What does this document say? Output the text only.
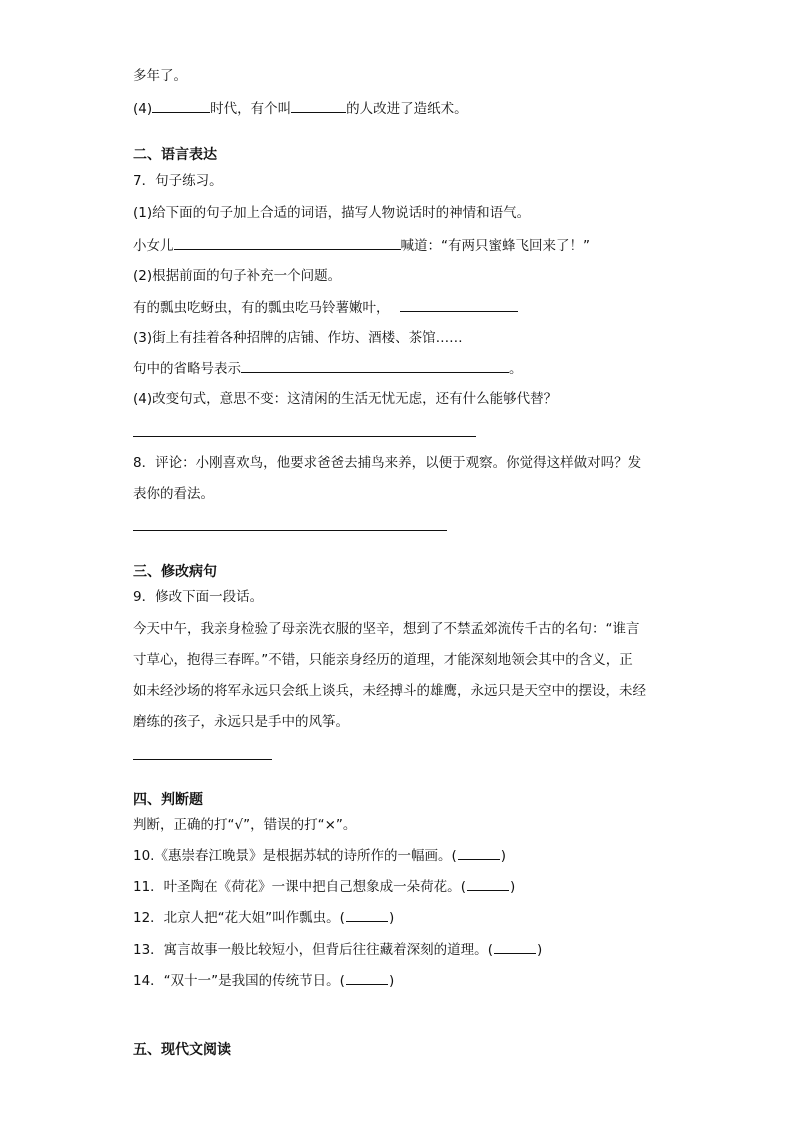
多年了。
(4)	时代，有个叫	的人改进了造纸术。
二、语言表达
7．句子练习。
(1)给下面的句子加上合适的词语，描写人物说话时的神情和语气。
小女儿	喊道：“有两只蜜蜂飞回来了！”
(2)根据前面的句子补充一个问题。
有的瓢虫吃蚜虫，有的瓢虫吃马铃薯嫩叶，
(3)街上有挂着各种招牌的店铺、作坊、酒楼、茶馆……
句中的省略号表示	。
(4)改变句式，意思不变：这清闲的生活无忧无虑，还有什么能够代替？
8．评论：小刚喜欢鸟，他要求爸爸去捕鸟来养，以便于观察。你觉得这样做对吗？发
表你的看法。
三、修改病句
9．修改下面一段话。
今天中午，我亲身检验了母亲洗衣服的坚辛，想到了不禁孟郊流传千古的名句：“谁言
寸草心，抱得三春晖。”不错，只能亲身经历的道理，才能深刻地领会其中的含义，正
如未经沙场的将军永远只会纸上谈兵，未经搏斗的雄鹰，永远只是天空中的摆设，未经
磨练的孩子，永远只是手中的风筝。
四、判断题
判断，正确的打“√”，错误的打“×”。
10.《惠崇春江晚景》是根据苏轼的诗所作的一幅画。(	)
11．叶圣陶在《荷花》一课中把自己想象成一朵荷花。(	)
12．北京人把“花大姐”叫作瓢虫。(	)
13．寓言故事一般比较短小，但背后往往藏着深刻的道理。(	)
14．“双十一”是我国的传统节日。(	)
五、现代文阅读
